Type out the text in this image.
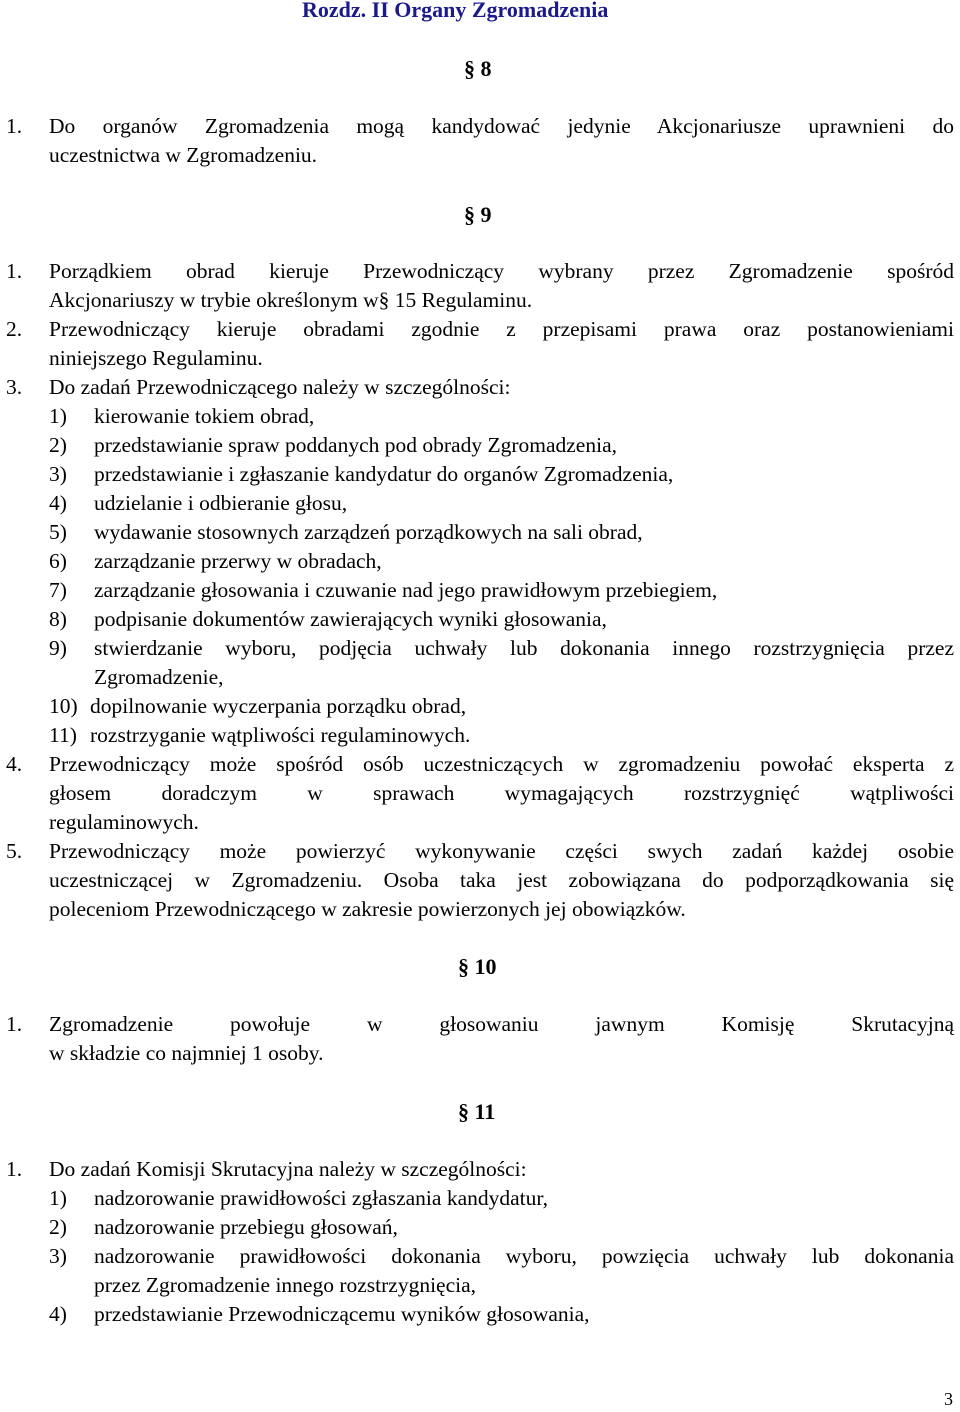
Rozdz. II Organy Zgromadzenia
§ 8
1. Do organów Zgromadzenia mogą kandydować jedynie Akcjonariusze uprawnieni do
uczestnictwa w Zgromadzeniu.
§ 9
1. Porządkiem obrad kieruje Przewodniczący wybrany przez Zgromadzenie spośród
Akcjonariuszy w trybie określonym w§ 15 Regulaminu.
2. Przewodniczący kieruje obradami zgodnie z przepisami prawa oraz postanowieniami
niniejszego Regulaminu.
3. Do zadań Przewodniczącego należy w szczególności:
1) kierowanie tokiem obrad,
2) przedstawianie spraw poddanych pod obrady Zgromadzenia,
3) przedstawianie i zgłaszanie kandydatur do organów Zgromadzenia,
4) udzielanie i odbieranie głosu,
5) wydawanie stosownych zarządzeń porządkowych na sali obrad,
6) zarządzanie przerwy w obradach,
7) zarządzanie głosowania i czuwanie nad jego prawidłowym przebiegiem,
8) podpisanie dokumentów zawierających wyniki głosowania,
9) stwierdzanie wyboru, podjęcia uchwały lub dokonania innego rozstrzygnięcia przez
Zgromadzenie,
10) dopilnowanie wyczerpania porządku obrad,
11) rozstrzyganie wątpliwości regulaminowych.
4. Przewodniczący może spośród osób uczestniczących w zgromadzeniu powołać eksperta z
głosem doradczym w sprawach wymagających rozstrzygnięć wątpliwości
regulaminowych.
5. Przewodniczący może powierzyć wykonywanie części swych zadań każdej osobie
uczestniczącej w Zgromadzeniu. Osoba taka jest zobowiązana do podporządkowania się
poleceniom Przewodniczącego w zakresie powierzonych jej obowiązków.
§ 10
1. Zgromadzenie powołuje w głosowaniu jawnym Komisję Skrutacyjną
w składzie co najmniej 1 osoby.
§ 11
1. Do zadań Komisji Skrutacyjna należy w szczególności:
1) nadzorowanie prawidłowości zgłaszania kandydatur,
2) nadzorowanie przebiegu głosowań,
3) nadzorowanie prawidłowości dokonania wyboru, powzięcia uchwały lub dokonania
przez Zgromadzenie innego rozstrzygnięcia,
4) przedstawianie Przewodniczącemu wyników głosowania,
3
